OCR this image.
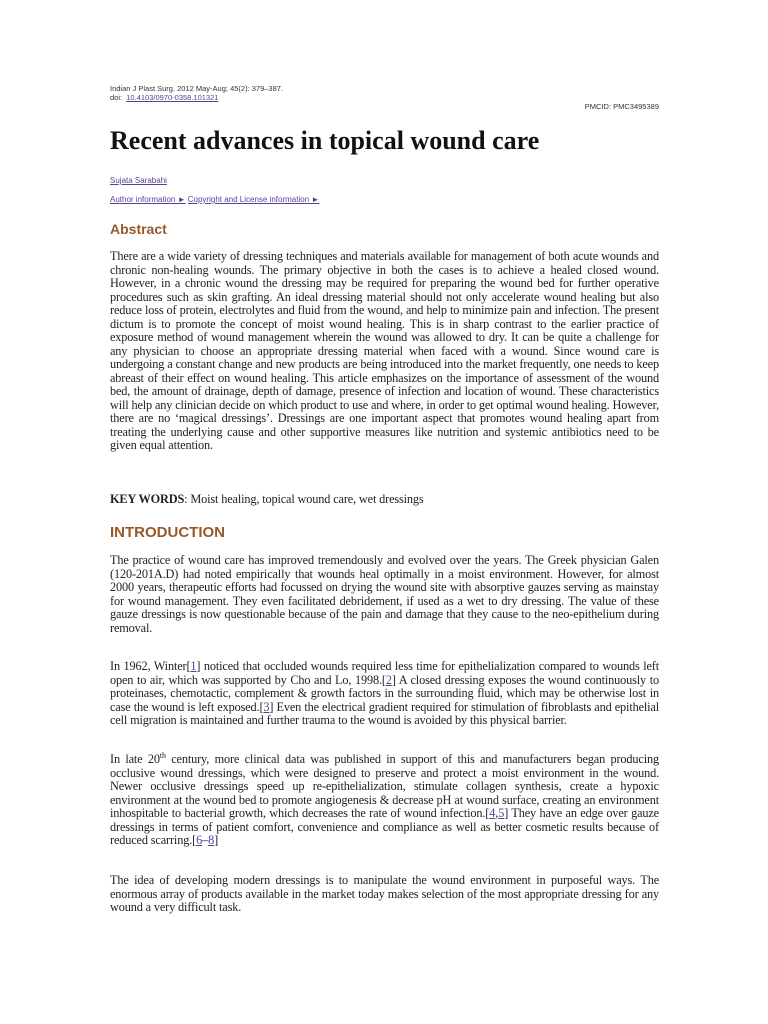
Indian J Plast Surg. 2012 May-Aug; 45(2): 379–387.
doi: 10.4103/0970-0358.101321
PMCID: PMC3495389
Recent advances in topical wound care
Sujata Sarabahi
Author information ► Copyright and License information ►
Abstract

There are a wide variety of dressing techniques and materials available for management of both acute wounds and chronic non-healing wounds. The primary objective in both the cases is to achieve a healed closed wound. However, in a chronic wound the dressing may be required for preparing the wound bed for further operative procedures such as skin grafting. An ideal dressing material should not only accelerate wound healing but also reduce loss of protein, electrolytes and fluid from the wound, and help to minimize pain and infection. The present dictum is to promote the concept of moist wound healing. This is in sharp contrast to the earlier practice of exposure method of wound management wherein the wound was allowed to dry. It can be quite a challenge for any physician to choose an appropriate dressing material when faced with a wound. Since wound care is undergoing a constant change and new products are being introduced into the market frequently, one needs to keep abreast of their effect on wound healing. This article emphasizes on the importance of assessment of the wound bed, the amount of drainage, depth of damage, presence of infection and location of wound. These characteristics will help any clinician decide on which product to use and where, in order to get optimal wound healing. However, there are no ‘magical dressings’. Dressings are one important aspect that promotes wound healing apart from treating the underlying cause and other supportive measures like nutrition and systemic antibiotics need to be given equal attention.

KEY WORDS: Moist healing, topical wound care, wet dressings

INTRODUCTION

The practice of wound care has improved tremendously and evolved over the years. The Greek physician Galen (120-201A.D) had noted empirically that wounds heal optimally in a moist environment. However, for almost 2000 years, therapeutic efforts had focussed on drying the wound site with absorptive gauzes serving as mainstay for wound management. They even facilitated debridement, if used as a wet to dry dressing. The value of these gauze dressings is now questionable because of the pain and damage that they cause to the neo-epithelium during removal.

In 1962, Winter[1] noticed that occluded wounds required less time for epithelialization compared to wounds left open to air, which was supported by Cho and Lo, 1998.[2] A closed dressing exposes the wound continuously to proteinases, chemotactic, complement & growth factors in the surrounding fluid, which may be otherwise lost in case the wound is left exposed.[3] Even the electrical gradient required for stimulation of fibroblasts and epithelial cell migration is maintained and further trauma to the wound is avoided by this physical barrier.

In late 20th century, more clinical data was published in support of this and manufacturers began producing occlusive wound dressings, which were designed to preserve and protect a moist environment in the wound. Newer occlusive dressings speed up re-epithelialization, stimulate collagen synthesis, create a hypoxic environment at the wound bed to promote angiogenesis & decrease pH at wound surface, creating an environment inhospitable to bacterial growth, which decreases the rate of wound infection.[4,5] They have an edge over gauze dressings in terms of patient comfort, convenience and compliance as well as better cosmetic results because of reduced scarring.[6–8]

The idea of developing modern dressings is to manipulate the wound environment in purposeful ways. The enormous array of products available in the market today makes selection of the most appropriate dressing for any wound a very difficult task.
